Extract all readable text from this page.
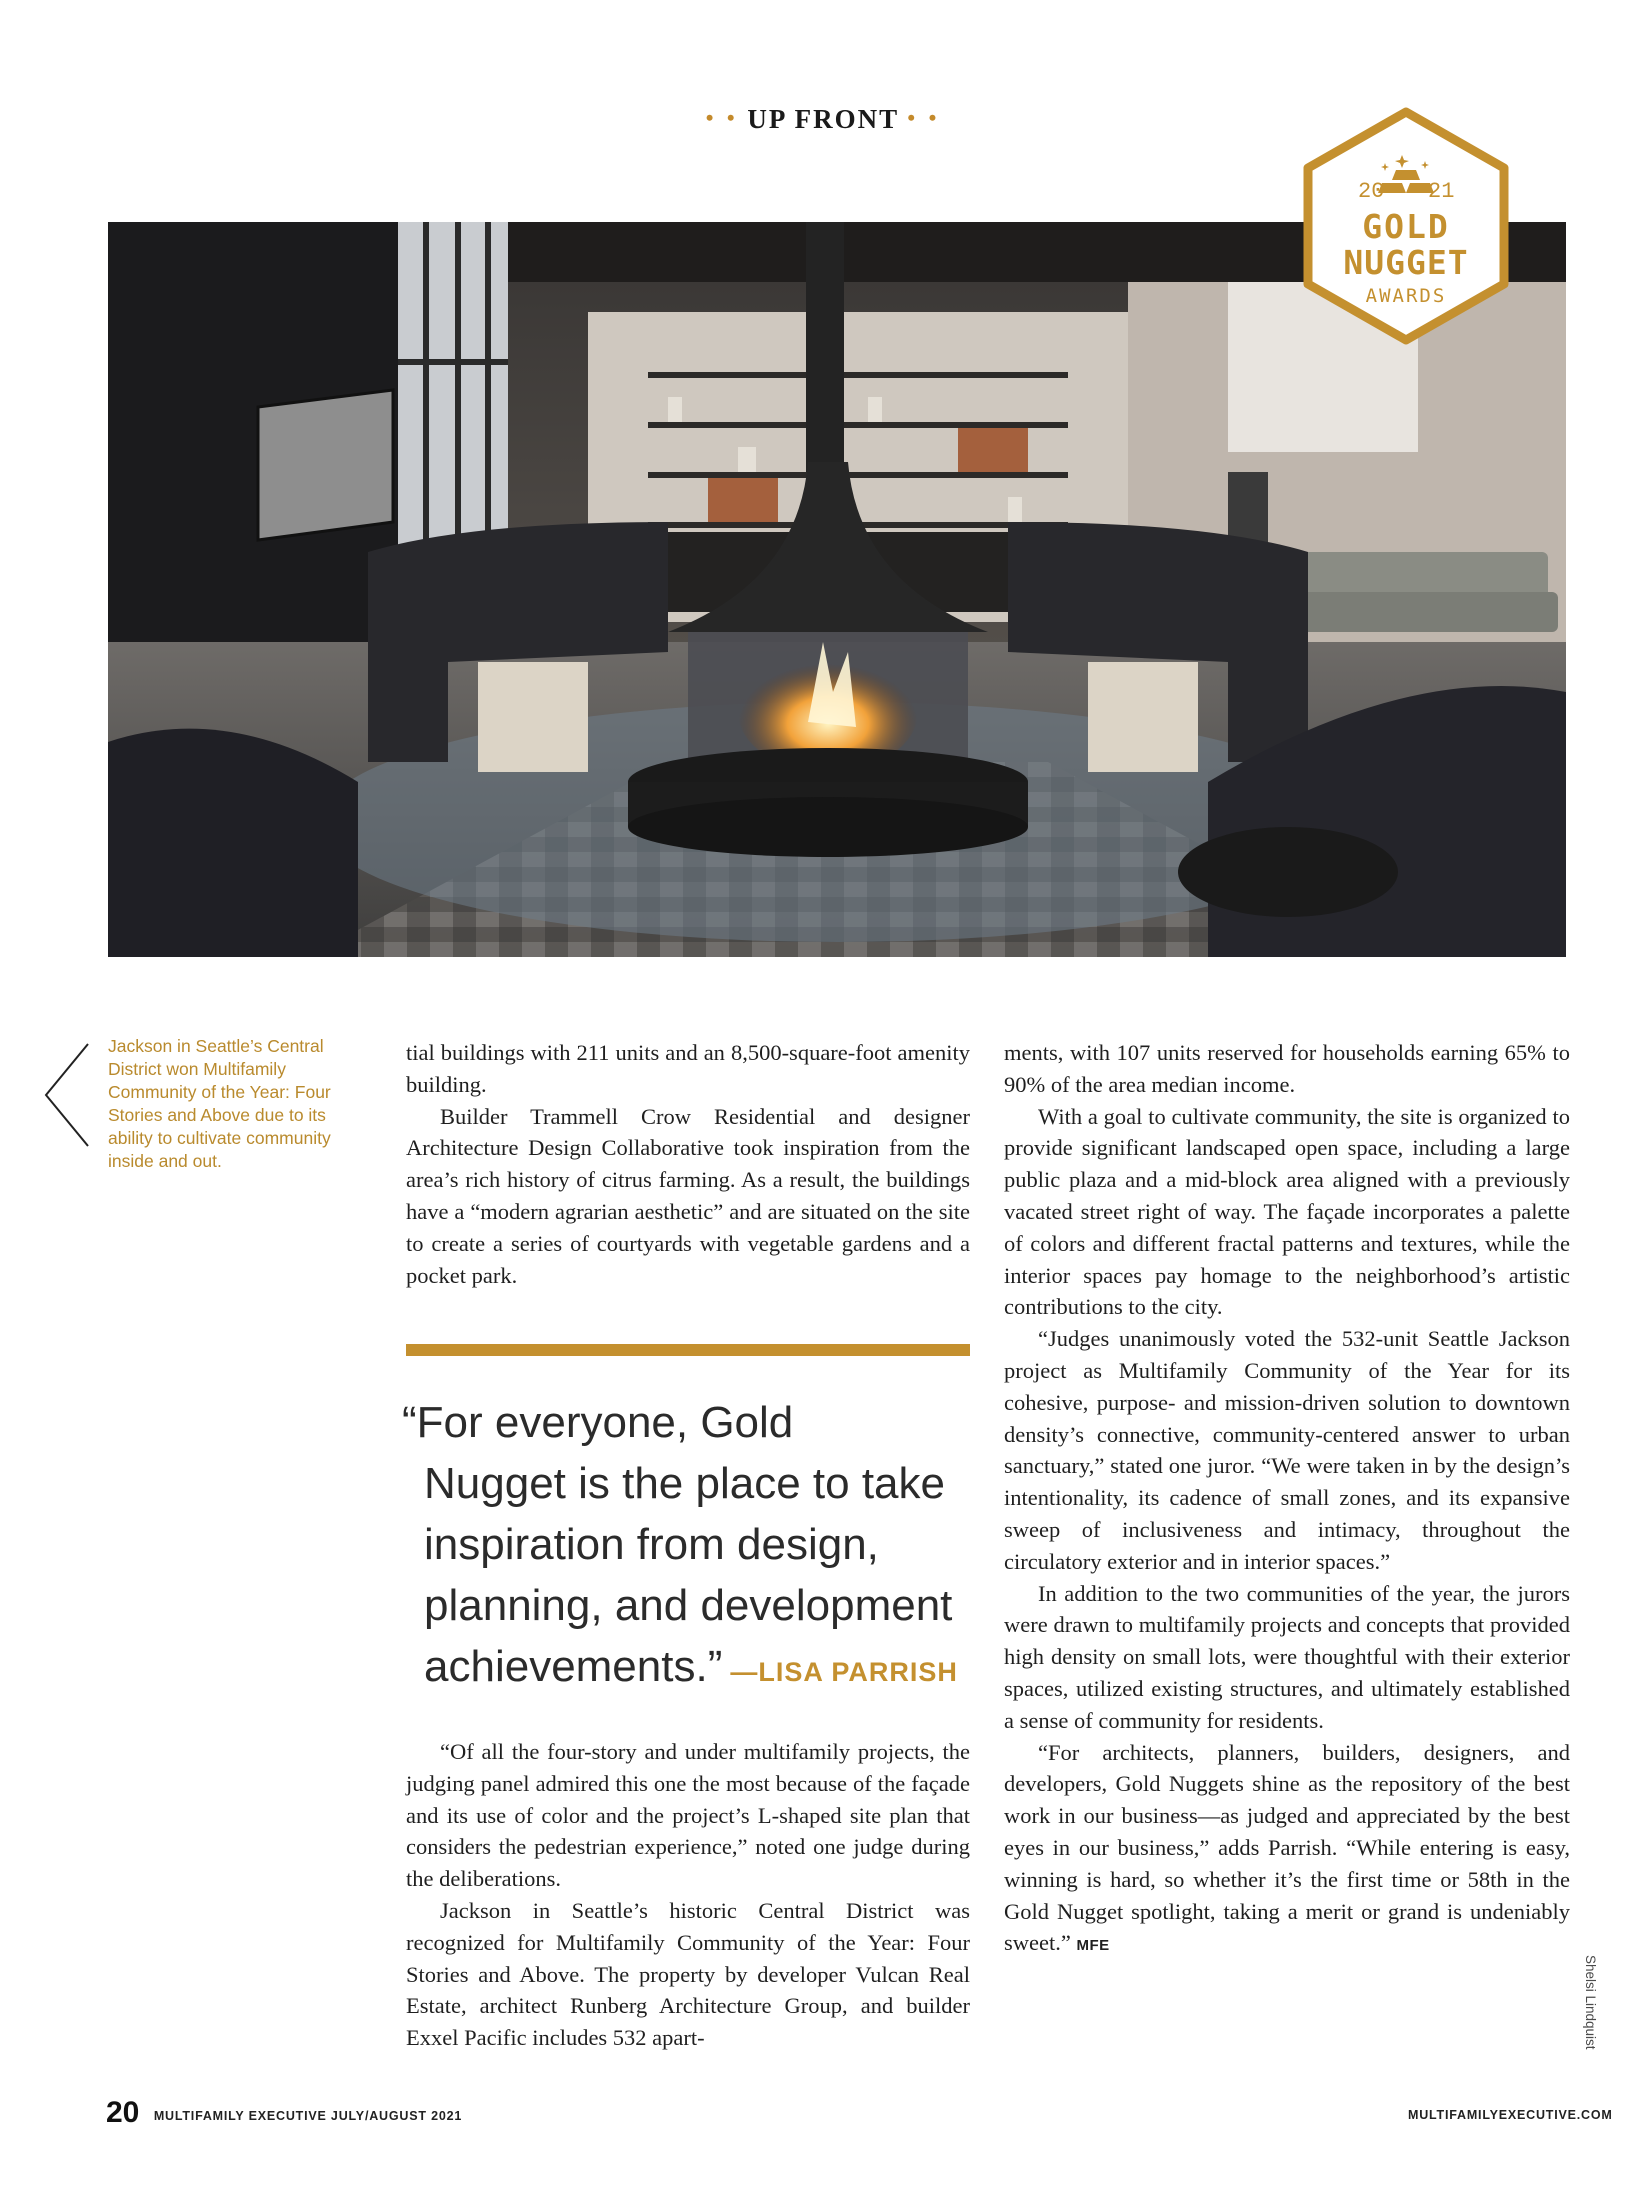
• • UP FRONT • •
20 21
GOLD
NUGGET
AWARDS
Jackson in Seattle’s Central District won Multifamily Community of the Year: Four Stories and Above due to its ability to cultivate community inside and out.

tial buildings with 211 units and an 8,500-square-foot amenity building.

Builder Trammell Crow Residential and designer Architecture Design Collaborative took inspiration from the area’s rich history of citrus farming. As a result, the buildings have a “modern agrarian aesthetic” and are situated on the site to create a series of courtyards with vegetable gardens and a pocket park.

“For everyone, Gold
Nugget is the place to take
inspiration from design,
planning, and development
achievements.” —LISA PARRISH

“Of all the four-story and under multifamily projects, the judging panel admired this one the most because of the façade and its use of color and the project’s L-shaped site plan that considers the pedestrian experience,” noted one judge during the deliberations.

Jackson in Seattle’s historic Central District was recognized for Multifamily Community of the Year: Four Stories and Above. The property by developer Vulcan Real Estate, architect Runberg Architecture Group, and builder Exxel Pacific includes 532 apart-

ments, with 107 units reserved for households earning 65% to 90% of the area median income.

With a goal to cultivate community, the site is organized to provide significant landscaped open space, including a large public plaza and a mid-block area aligned with a previously vacated street right of way. The façade incorporates a palette of colors and different fractal patterns and textures, while the interior spaces pay homage to the neighborhood’s artistic contributions to the city.

“Judges unanimously voted the 532-unit Seattle Jackson project as Multifamily Community of the Year for its cohesive, purpose- and mission-driven solution to downtown density’s connective, community-centered answer to urban sanctuary,” stated one juror. “We were taken in by the design’s intentionality, its cadence of small zones, and its expansive sweep of inclusiveness and intimacy, throughout the circulatory exterior and in interior spaces.”

In addition to the two communities of the year, the jurors were drawn to multifamily projects and concepts that provided high density on small lots, were thoughtful with their exterior spaces, utilized existing structures, and ultimately established a sense of community for residents.

“For architects, planners, builders, designers, and developers, Gold Nuggets shine as the repository of the best work in our business—as judged and appreciated by the best eyes in our business,” adds Parrish. “While entering is easy, winning is hard, so whether it’s the first time or 58th in the Gold Nugget spotlight, taking a merit or grand is undeniably sweet.” MFE

Shelsi Lindquist
20 MULTIFAMILY EXECUTIVE JULY/AUGUST 2021	MULTIFAMILYEXECUTIVE.COM
